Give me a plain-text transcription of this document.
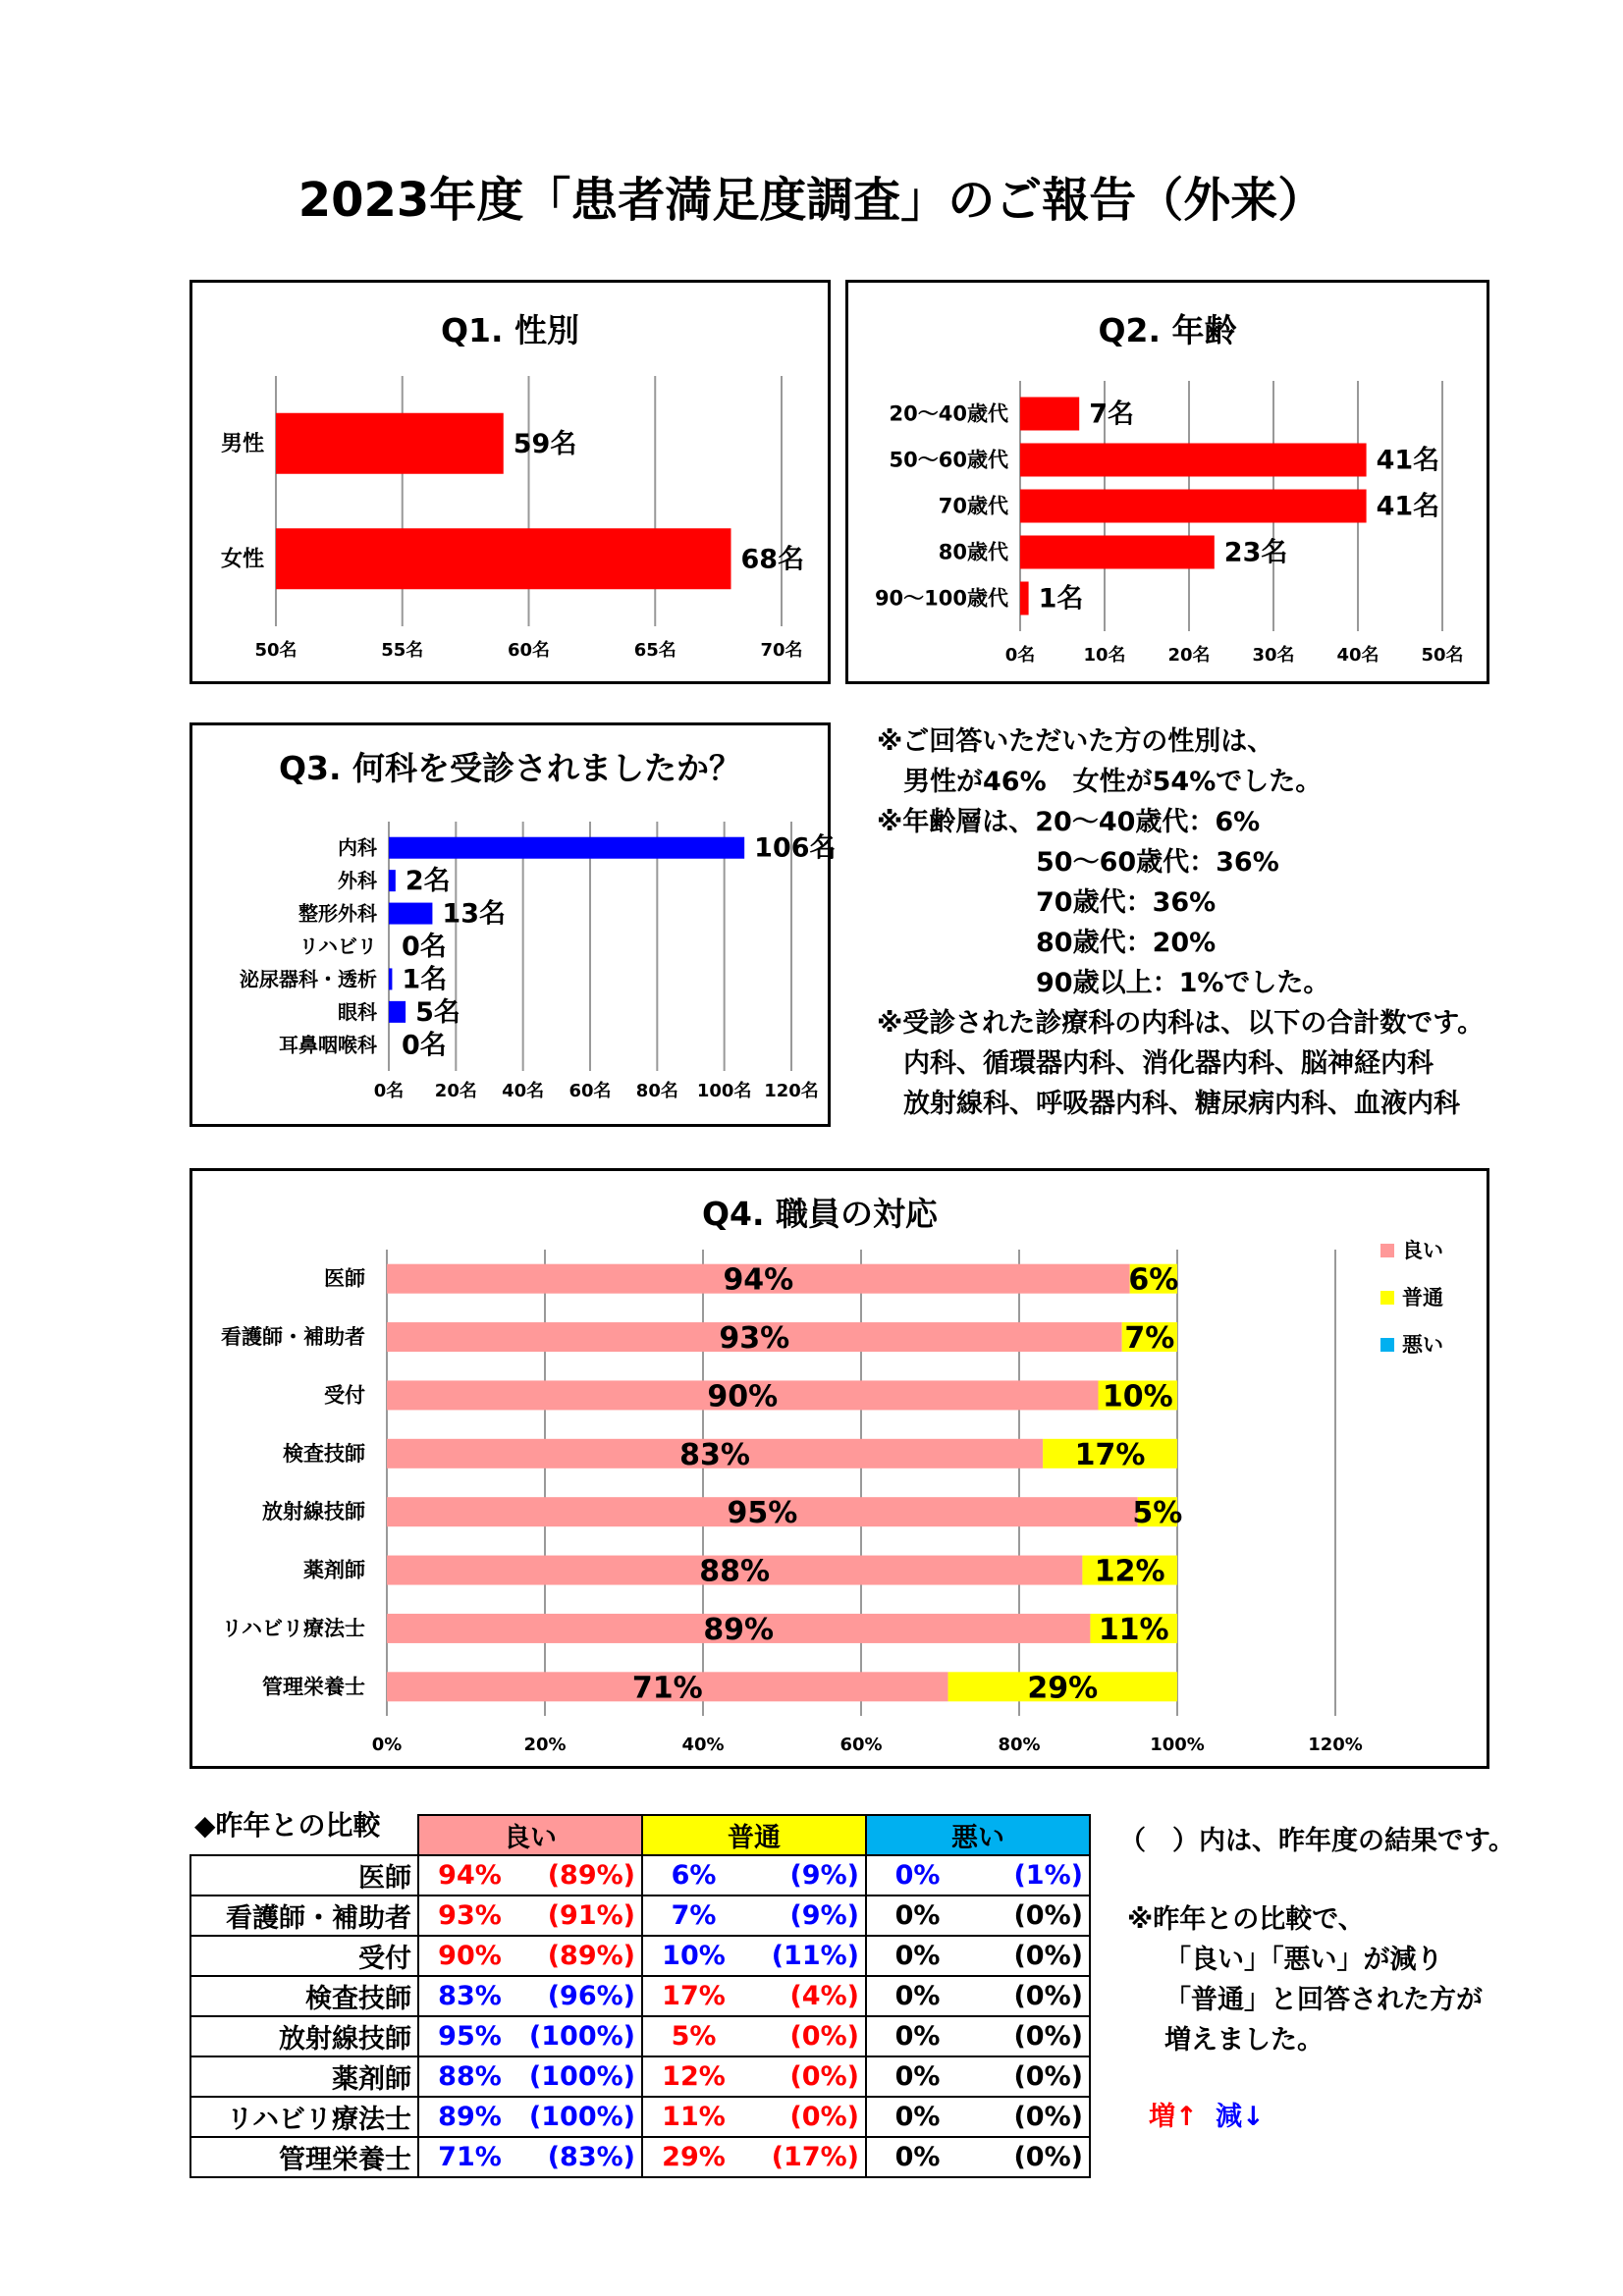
2023年度「患者満足度調査」のご報告（外来）
Q1. 性別
50名	55名	60名	65名	70名
男性	59名
女性	68名
Q2. 年齢
0名	10名 20名 30名 40名 50名
20～40歳代	7名
50～60歳代	41名
70歳代	41名
80歳代	23名
90～100歳代 1名
Q3. 何科を受診されましたか？
0名 20名 40名 60名 80名 100名 120名
内科	106名
外科 2名
整形外科 13名
リハビリ 0名
泌尿器科・透析 1名
眼科 5名
耳鼻咽喉科 0名
※ご回答いただいた方の性別は、
　男性が46%　女性が54%でした。
※年齢層は、20～40歳代：6%
　　　　　　50～60歳代：36%
　　　　　　70歳代：36%
　　　　　　80歳代：20%
　　　　　　90歳以上：1%でした。
※受診された診療科の内科は、以下の合計数です。
　内科、循環器内科、消化器内科、脳神経内科
　放射線科、呼吸器内科、糖尿病内科、血液内科
Q4. 職員の対応
0%	20%	40%	60%	80%	100%	120%
医師	94%	6%
看護師・補助者	93%	7%
受付	90%	10%
検査技師	83%	17%
放射線技師	95%	5%
薬剤師	88%	12%
リハビリ療法士	89%	11%
管理栄養士	71%	29%
良い
普通
悪い
◆昨年との比較
		良い		普通		悪い	
医師	94%	(89%)	6%	(9%)	0%	(1%)
看護師・補助者	93%	(91%)	7%	(9%)	0%	(0%)
受付	90%	(89%)	10%	(11%)	0%	(0%)
検査技師	83%	(96%)	17%	(4%)	0%	(0%)
放射線技師	95%	(100%)	5%	(0%)	0%	(0%)
薬剤師	88%	(100%)	12%	(0%)	0%	(0%)
リハビリ療法士	89%	(100%)	11%	(0%)	0%	(0%)
管理栄養士	71%	(83%)	29%	(17%)	0%	(0%)
（　）内は、昨年度の結果です。
※昨年との比較で、
「良い」「悪い」が減り
「普通」と回答された方が
増えました。
増↑ 減↓
